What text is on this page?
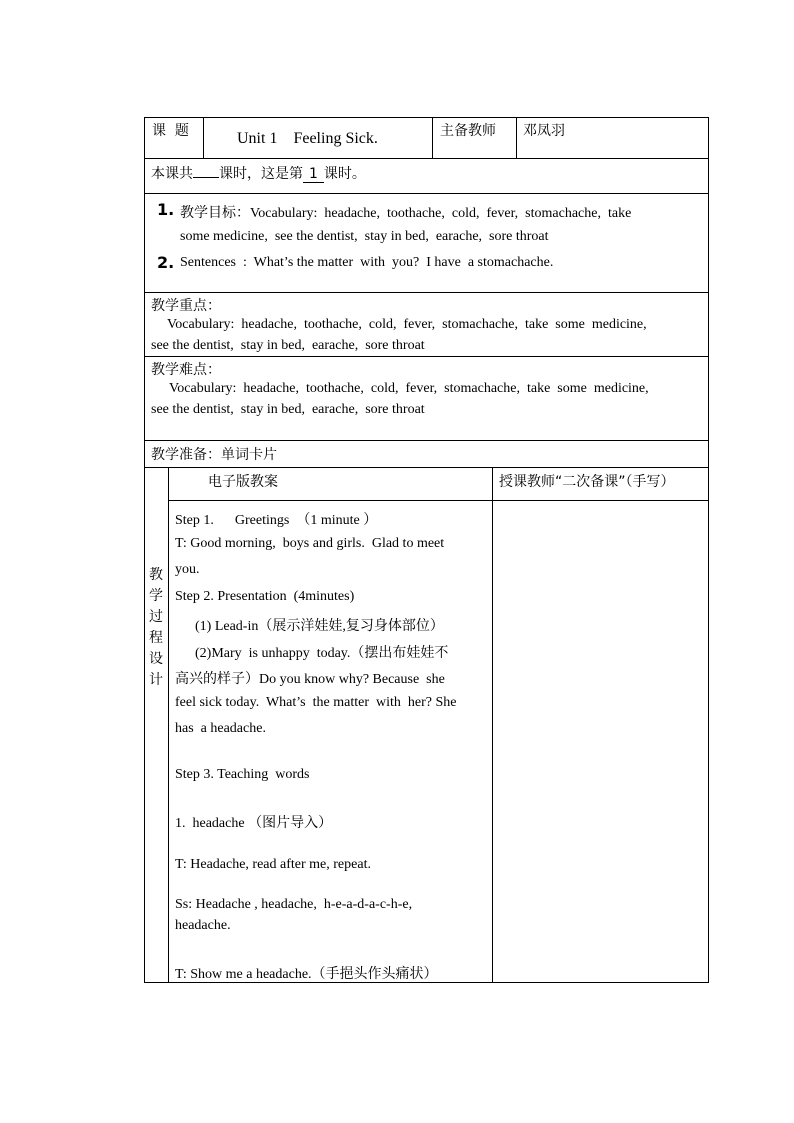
课  题	Unit 1    Feeling Sick.	主备教师 邓凤羽
本课共 课时，这是第 1 课时。
1. 教学目标：Vocabulary:  headache,  toothache,  cold,  fever,  stomachache,  take
some medicine,  see the dentist,  stay in bed,  earache,  sore throat
2. Sentences  :  What’s the matter  with  you?  I have  a stomachache.
教学重点：
Vocabulary:  headache,  toothache,  cold,  fever,  stomachache,  take  some  medicine,
see the dentist,  stay in bed,  earache,  sore throat
教学难点：
Vocabulary:  headache,  toothache,  cold,  fever,  stomachache,  take  some  medicine,
see the dentist,  stay in bed,  earache,  sore throat
教学准备：单词卡片
教
学
过
程
设
计
电子版教案	授课教师“二次备课”（手写）
Step 1.      Greetings  （1 minute ）
T: Good morning,  boys and girls.  Glad to meet
you.
Step 2. Presentation  (4minutes)
(1) Lead-in（展示洋娃娃,复习身体部位）
(2)Mary  is unhappy  today.（摆出布娃娃不
高兴的样子）Do you know why? Because  she
feel sick today.  What’s  the matter  with  her? She
has  a headache.
Step 3. Teaching  words
1.  headache （图片导入）
T: Headache, read after me, repeat.
Ss: Headache , headache,  h-e-a-d-a-c-h-e,
headache.
T: Show me a headache.（手挹头作头痛状）
